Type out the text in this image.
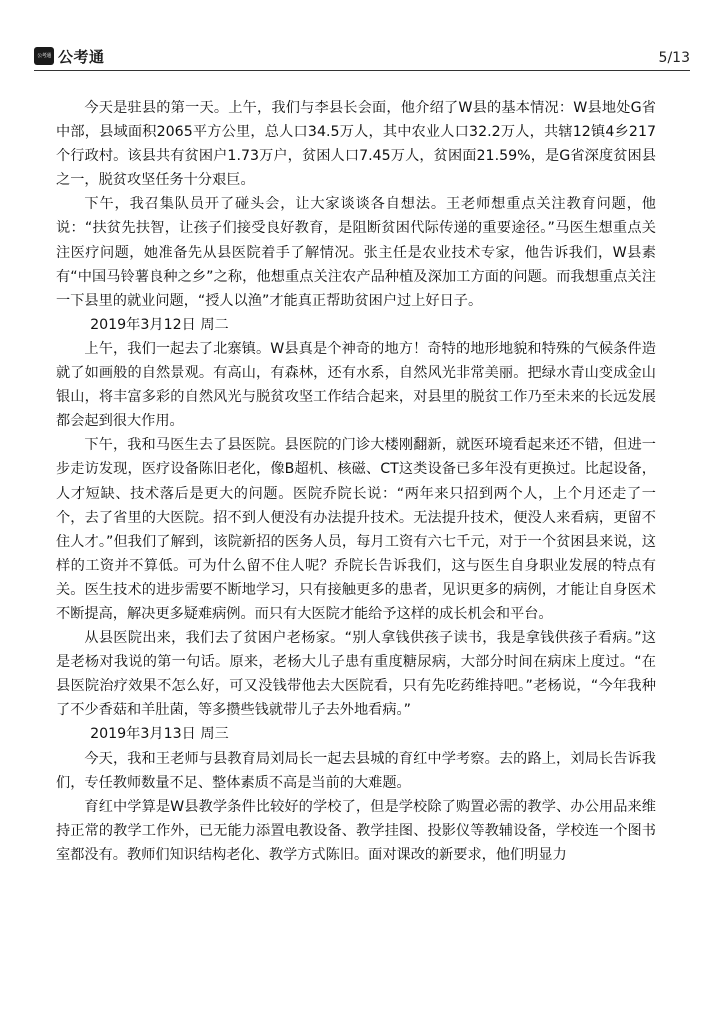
公考通 公考通	5/13

今天是驻县的第一天。上午，我们与李县长会面，他介绍了W县的基本情况：W县地处G省中部，县域面积2065平方公里，总人口34.5万人，其中农业人口32.2万人，共辖12镇4乡217个行政村。该县共有贫困户1.73万户，贫困人口7.45万人，贫困面21.59%，是G省深度贫困县之一，脱贫攻坚任务十分艰巨。

下午，我召集队员开了碰头会，让大家谈谈各自想法。王老师想重点关注教育问题，他说：“扶贫先扶智，让孩子们接受良好教育，是阻断贫困代际传递的重要途径。”马医生想重点关注医疗问题，她准备先从县医院着手了解情况。张主任是农业技术专家，他告诉我们，W县素有“中国马铃薯良种之乡”之称，他想重点关注农产品种植及深加工方面的问题。而我想重点关注一下县里的就业问题，“授人以渔”才能真正帮助贫困户过上好日子。

2019年3月12日 周二

上午，我们一起去了北寨镇。W县真是个神奇的地方！奇特的地形地貌和特殊的气候条件造就了如画般的自然景观。有高山，有森林，还有水系，自然风光非常美丽。把绿水青山变成金山银山，将丰富多彩的自然风光与脱贫攻坚工作结合起来，对县里的脱贫工作乃至未来的长远发展都会起到很大作用。

下午，我和马医生去了县医院。县医院的门诊大楼刚翻新，就医环境看起来还不错，但进一步走访发现，医疗设备陈旧老化，像B超机、核磁、CT这类设备已多年没有更换过。比起设备，人才短缺、技术落后是更大的问题。医院乔院长说：“两年来只招到两个人，上个月还走了一个，去了省里的大医院。招不到人便没有办法提升技术。无法提升技术，便没人来看病，更留不住人才。”但我们了解到，该院新招的医务人员，每月工资有六七千元，对于一个贫困县来说，这样的工资并不算低。可为什么留不住人呢？乔院长告诉我们，这与医生自身职业发展的特点有关。医生技术的进步需要不断地学习，只有接触更多的患者，见识更多的病例，才能让自身医术不断提高，解决更多疑难病例。而只有大医院才能给予这样的成长机会和平台。

从县医院出来，我们去了贫困户老杨家。“别人拿钱供孩子读书，我是拿钱供孩子看病。”这是老杨对我说的第一句话。原来，老杨大儿子患有重度糖尿病，大部分时间在病床上度过。“在县医院治疗效果不怎么好，可又没钱带他去大医院看，只有先吃药维持吧。”老杨说，“今年我种了不少香菇和羊肚菌，等多攒些钱就带儿子去外地看病。”

2019年3月13日 周三

今天，我和王老师与县教育局刘局长一起去县城的育红中学考察。去的路上，刘局长告诉我们，专任教师数量不足、整体素质不高是当前的大难题。

育红中学算是W县教学条件比较好的学校了，但是学校除了购置必需的教学、办公用品来维持正常的教学工作外，已无能力添置电教设备、教学挂图、投影仪等教辅设备，学校连一个图书室都没有。教师们知识结构老化、教学方式陈旧。面对课改的新要求，他们明显力
